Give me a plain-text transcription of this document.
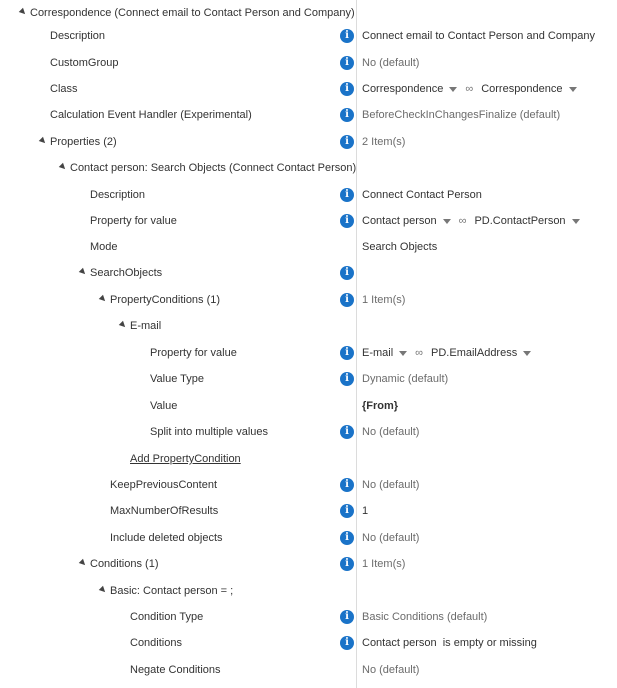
Correspondence (Connect email to Contact Person and Company)
Description	i	Connect email to Contact Person and Company
CustomGroup	i	No (default)
Class	i	Correspondence ∞ Correspondence
Calculation Event Handler (Experimental)	i	BeforeCheckInChangesFinalize (default)
Properties (2)	i	2 Item(s)
Contact person: Search Objects (Connect Contact Person)
Description	i	Connect Contact Person
Property for value	i	Contact person ∞ PD.ContactPerson
Mode	Search Objects
SearchObjects	i
PropertyConditions (1)	i	1 Item(s)
E-mail
Property for value	i	E-mail ∞ PD.EmailAddress
Value Type	i	Dynamic (default)
Value	{From}
Split into multiple values	i	No (default)
Add PropertyCondition
KeepPreviousContent	i	No (default)
MaxNumberOfResults	i	1
Include deleted objects	i	No (default)
Conditions (1)	i	1 Item(s)
Basic: Contact person = ;
Condition Type	i	Basic Conditions (default)
Conditions	i	Contact person  is empty or missing
Negate Conditions	No (default)
